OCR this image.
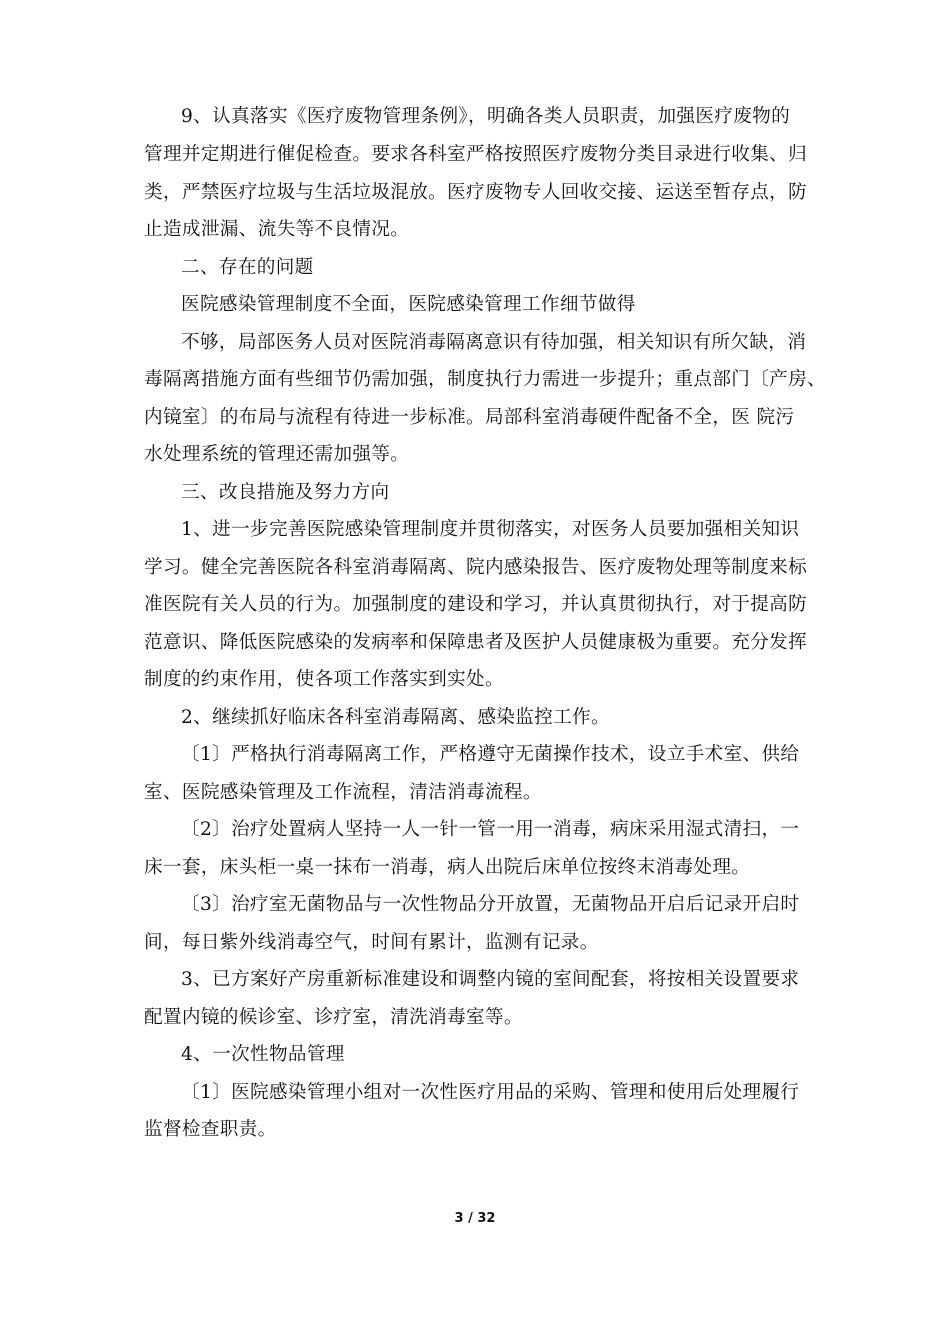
9、认真落实《医疗废物管理条例》，明确各类人员职责，加强医疗废物的
管理并定期进行催促检查。要求各科室严格按照医疗废物分类目录进行收集、归
类，严禁医疗垃圾与生活垃圾混放。医疗废物专人回收交接、运送至暂存点，防
止造成泄漏、流失等不良情况。
二、存在的问题
医院感染管理制度不全面，医院感染管理工作细节做得
不够，局部医务人员对医院消毒隔离意识有待加强，相关知识有所欠缺，消
毒隔离措施方面有些细节仍需加强，制度执行力需进一步提升；重点部门〔产房、
内镜室〕的布局与流程有待进一步标准。局部科室消毒硬件配备不全，医 院污
水处理系统的管理还需加强等。
三、改良措施及努力方向
1、进一步完善医院感染管理制度并贯彻落实，对医务人员要加强相关知识
学习。健全完善医院各科室消毒隔离、院内感染报告、医疗废物处理等制度来标
准医院有关人员的行为。加强制度的建设和学习，并认真贯彻执行，对于提高防
范意识、降低医院感染的发病率和保障患者及医护人员健康极为重要。充分发挥
制度的约束作用，使各项工作落实到实处。
2、继续抓好临床各科室消毒隔离、感染监控工作。
〔1〕严格执行消毒隔离工作，严格遵守无菌操作技术，设立手术室、供给
室、医院感染管理及工作流程，清洁消毒流程。
〔2〕治疗处置病人坚持一人一针一管一用一消毒，病床采用湿式清扫，一
床一套，床头柜一桌一抹布一消毒，病人出院后床单位按终末消毒处理。
〔3〕治疗室无菌物品与一次性物品分开放置，无菌物品开启后记录开启时
间，每日紫外线消毒空气，时间有累计，监测有记录。
3、已方案好产房重新标准建设和调整内镜的室间配套，将按相关设置要求
配置内镜的候诊室、诊疗室，清洗消毒室等。
4、一次性物品管理
〔1〕医院感染管理小组对一次性医疗用品的采购、管理和使用后处理履行
监督检查职责。
3 / 32
